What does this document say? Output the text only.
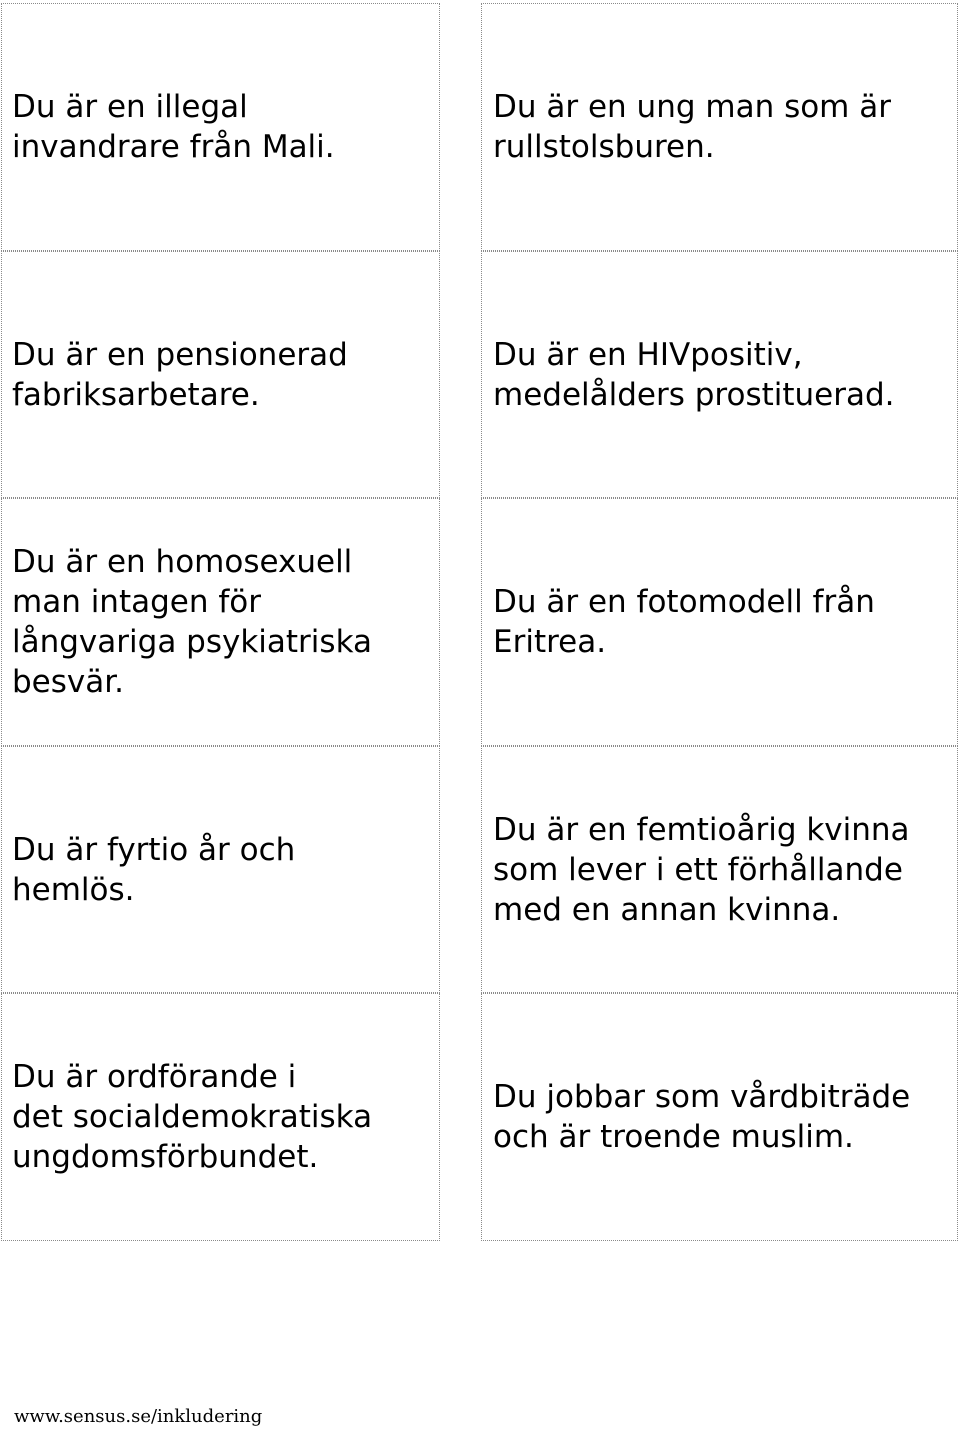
Du är en illegal
invandrare från Mali.

Du är en ung man som är
rullstolsburen.

Du är en pensionerad
fabriksarbetare.

Du är en HIVpositiv,
medelålders prostituerad.

Du är en homosexuell
man intagen för
långvariga psykiatriska
besvär.

Du är en fotomodell från
Eritrea.

Du är fyrtio år och
hemlös.

Du är en femtioårig kvinna
som lever i ett förhållande
med en annan kvinna.

Du är ordförande i
det socialdemokratiska
ungdomsförbundet.

Du jobbar som vårdbiträde
och är troende muslim.

www.sensus.se/inkludering
